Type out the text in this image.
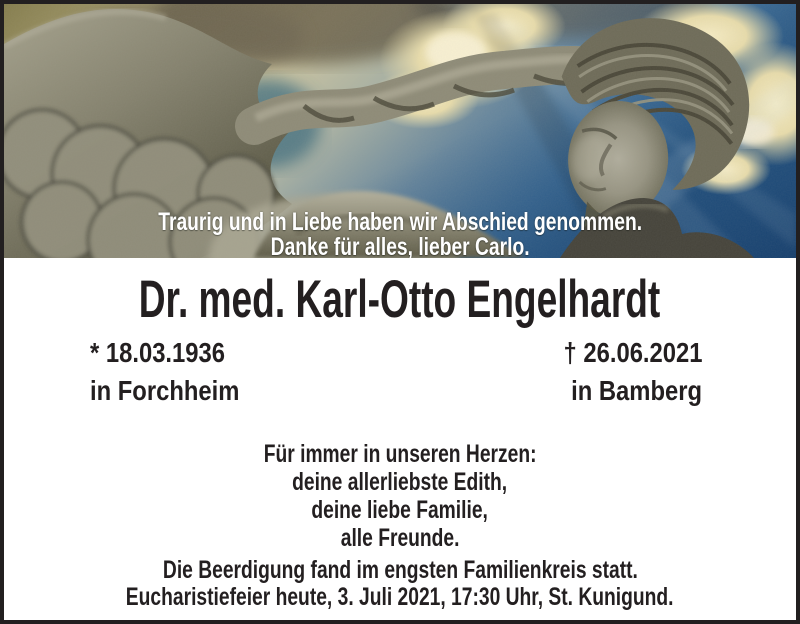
Traurig und in Liebe haben wir Abschied genommen.
Danke für alles, lieber Carlo.
Dr. med. Karl-Otto Engelhardt
* 18.03.1936
in Forchheim
† 26.06.2021
in Bamberg
Für immer in unseren Herzen:
deine allerliebste Edith,
deine liebe Familie,
alle Freunde.
Die Beerdigung fand im engsten Familienkreis statt.
Eucharistiefeier heute, 3. Juli 2021, 17:30 Uhr, St. Kunigund.
